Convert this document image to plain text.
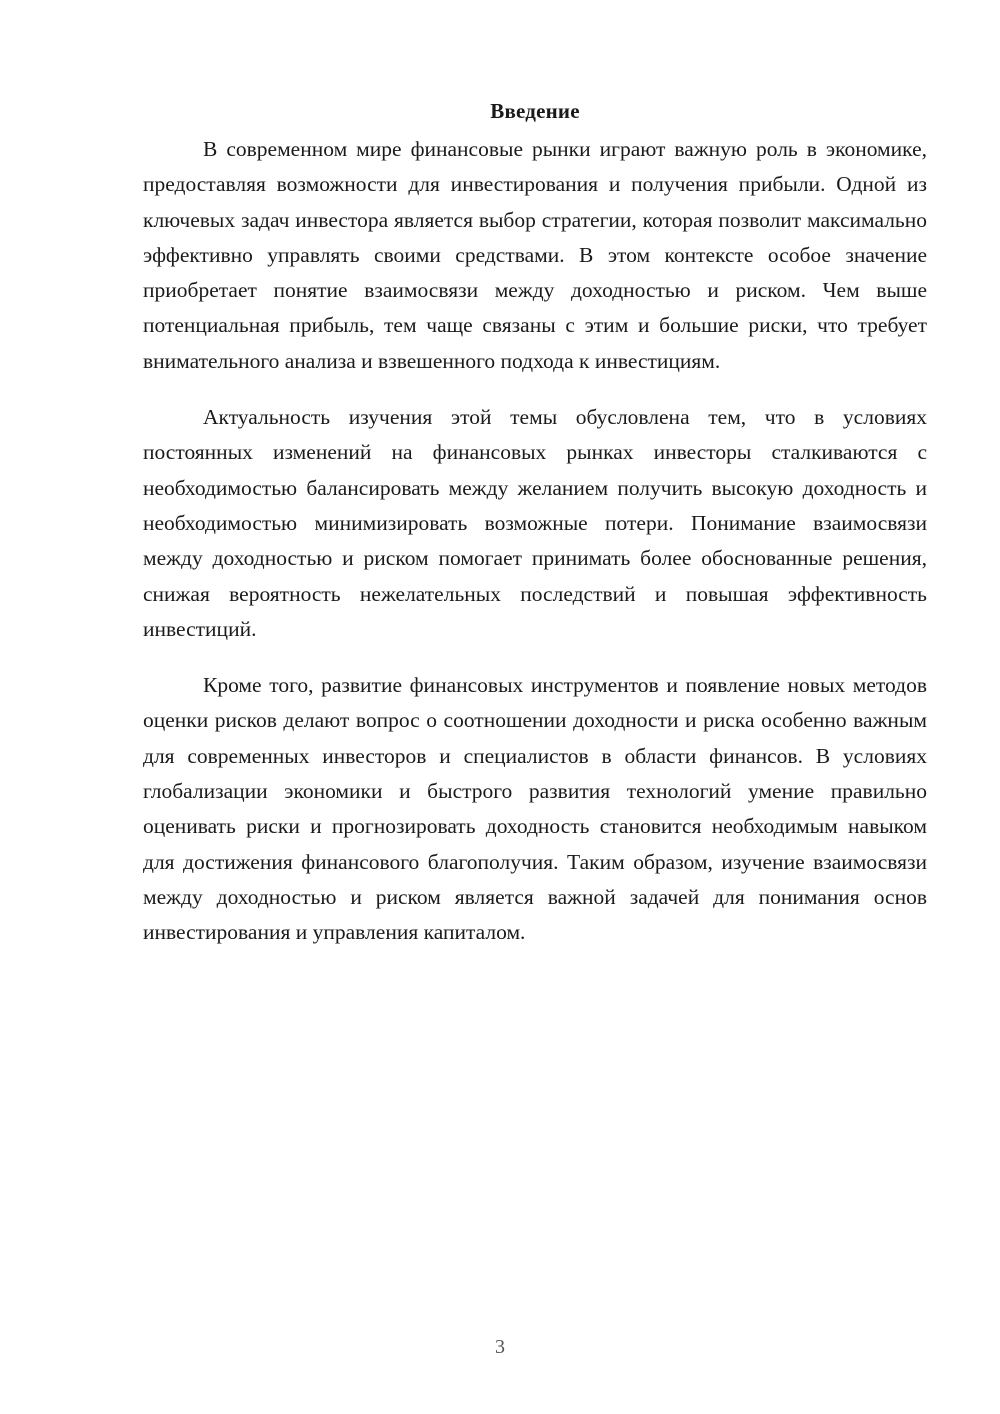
Введение

В современном мире финансовые рынки играют важную роль в экономике, предоставляя возможности для инвестирования и получения прибыли. Одной из ключевых задач инвестора является выбор стратегии, которая позволит максимально эффективно управлять своими средствами. В этом контексте особое значение приобретает понятие взаимосвязи между доходностью и риском. Чем выше потенциальная прибыль, тем чаще связаны с этим и большие риски, что требует внимательного анализа и взвешенного подхода к инвестициям.

Актуальность изучения этой темы обусловлена тем, что в условиях постоянных изменений на финансовых рынках инвесторы сталкиваются с необходимостью балансировать между желанием получить высокую доходность и необходимостью минимизировать возможные потери. Понимание взаимосвязи между доходностью и риском помогает принимать более обоснованные решения, снижая вероятность нежелательных последствий и повышая эффективность инвестиций.

Кроме того, развитие финансовых инструментов и появление новых методов оценки рисков делают вопрос о соотношении доходности и риска особенно важным для современных инвесторов и специалистов в области финансов. В условиях глобализации экономики и быстрого развития технологий умение правильно оценивать риски и прогнозировать доходность становится необходимым навыком для достижения финансового благополучия. Таким образом, изучение взаимосвязи между доходностью и риском является важной задачей для понимания основ инвестирования и управления капиталом.

3
